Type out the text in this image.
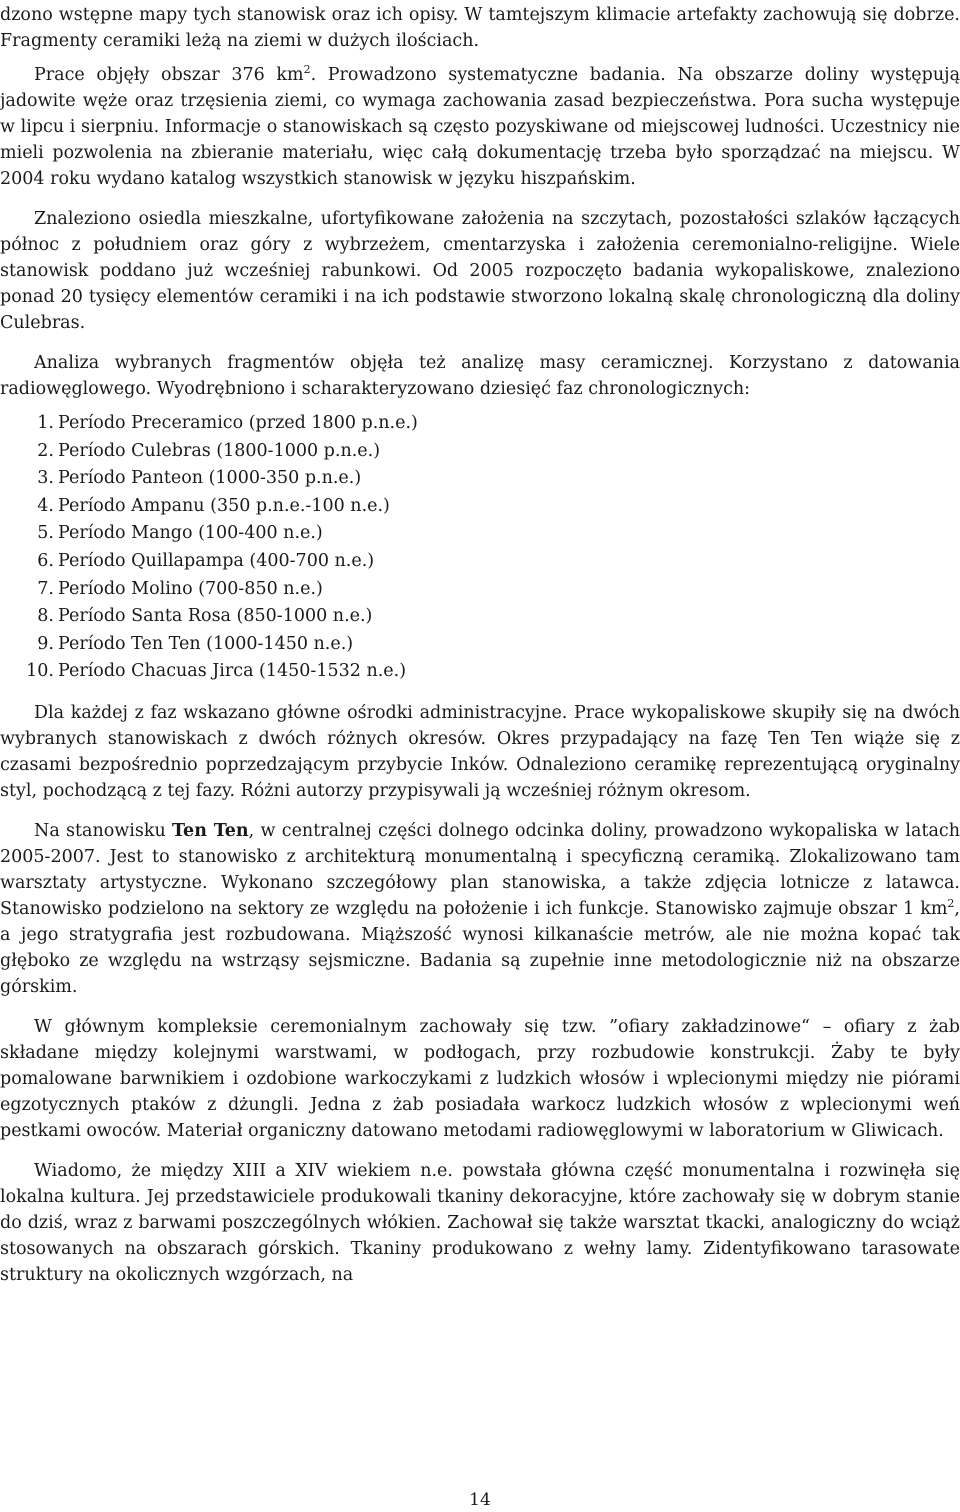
dzono wstępne mapy tych stanowisk oraz ich opisy. W tamtejszym klimacie artefakty zachowują się dobrze. Fragmenty ceramiki leżą na ziemi w dużych ilościach.

Prace objęły obszar 376 $km^2$. Prowadzono systematyczne badania. Na obszarze doliny występują jadowite węże oraz trzęsienia ziemi, co wymaga zachowania zasad bezpieczeństwa. Pora sucha występuje w lipcu i sierpniu. Informacje o stanowiskach są często pozyskiwane od miejscowej ludności. Uczestnicy nie mieli pozwolenia na zbieranie materiału, więc całą dokumentację trzeba było sporządzać na miejscu. W 2004 roku wydano katalog wszystkich stanowisk w języku hiszpańskim.

Znaleziono osiedla mieszkalne, ufortyfikowane założenia na szczytach, pozostałości szlaków łączących północ z południem oraz góry z wybrzeżem, cmentarzyska i założenia ceremonialno-religijne. Wiele stanowisk poddano już wcześniej rabunkowi. Od 2005 rozpoczęto badania wykopaliskowe, znaleziono ponad 20 tysięcy elementów ceramiki i na ich podstawie stworzono lokalną skalę chronologiczną dla doliny Culebras.

Analiza wybranych fragmentów objęła też analizę masy ceramicznej. Korzystano z datowania radiowęglowego. Wyodrębniono i scharakteryzowano dziesięć faz chronologicznych:

1. Período Preceramico (przed 1800 p.n.e.)
2. Período Culebras (1800-1000 p.n.e.)
3. Período Panteon (1000-350 p.n.e.)
4. Período Ampanu (350 p.n.e.-100 n.e.)
5. Período Mango (100-400 n.e.)
6. Período Quillapampa (400-700 n.e.)
7. Período Molino (700-850 n.e.)
8. Período Santa Rosa (850-1000 n.e.)
9. Período Ten Ten (1000-1450 n.e.)
10. Período Chacuas Jirca (1450-1532 n.e.)

Dla każdej z faz wskazano główne ośrodki administracyjne. Prace wykopaliskowe skupiły się na dwóch wybranych stanowiskach z dwóch różnych okresów. Okres przypadający na fazę Ten Ten wiąże się z czasami bezpośrednio poprzedzającym przybycie Inków. Odnaleziono ceramikę reprezentującą oryginalny styl, pochodzącą z tej fazy. Różni autorzy przypisywali ją wcześniej różnym okresom.

Na stanowisku Ten Ten, w centralnej części dolnego odcinka doliny, prowadzono wykopaliska w latach 2005-2007. Jest to stanowisko z architekturą monumentalną i specyficzną ceramiką. Zlokalizowano tam warsztaty artystyczne. Wykonano szczegółowy plan stanowiska, a także zdjęcia lotnicze z latawca. Stanowisko podzielono na sektory ze względu na położenie i ich funkcje. Stanowisko zajmuje obszar 1 $km^2$, a jego stratygrafia jest rozbudowana. Miąższość wynosi kilkanaście metrów, ale nie można kopać tak głęboko ze względu na wstrząsy sejsmiczne. Badania są zupełnie inne metodologicznie niż na obszarze górskim.

W głównym kompleksie ceremonialnym zachowały się tzw. ”ofiary zakładzinowe“ – ofiary z żab składane między kolejnymi warstwami, w podłogach, przy rozbudowie konstrukcji. Żaby te były pomalowane barwnikiem i ozdobione warkoczykami z ludzkich włosów i wplecionymi między nie piórami egzotycznych ptaków z dżungli. Jedna z żab posiadała warkocz ludzkich włosów z wplecionymi weń pestkami owoców. Materiał organiczny datowano metodami radiowęglowymi w laboratorium w Gliwicach.

Wiadomo, że między XIII a XIV wiekiem n.e. powstała główna część monumentalna i rozwinęła się lokalna kultura. Jej przedstawiciele produkowali tkaniny dekoracyjne, które zachowały się w dobrym stanie do dziś, wraz z barwami poszczególnych włókien. Zachował się także warsztat tkacki, analogiczny do wciąż stosowanych na obszarach górskich. Tkaniny produkowano z wełny lamy. Zidentyfikowano tarasowate struktury na okolicznych wzgórzach, na

14
